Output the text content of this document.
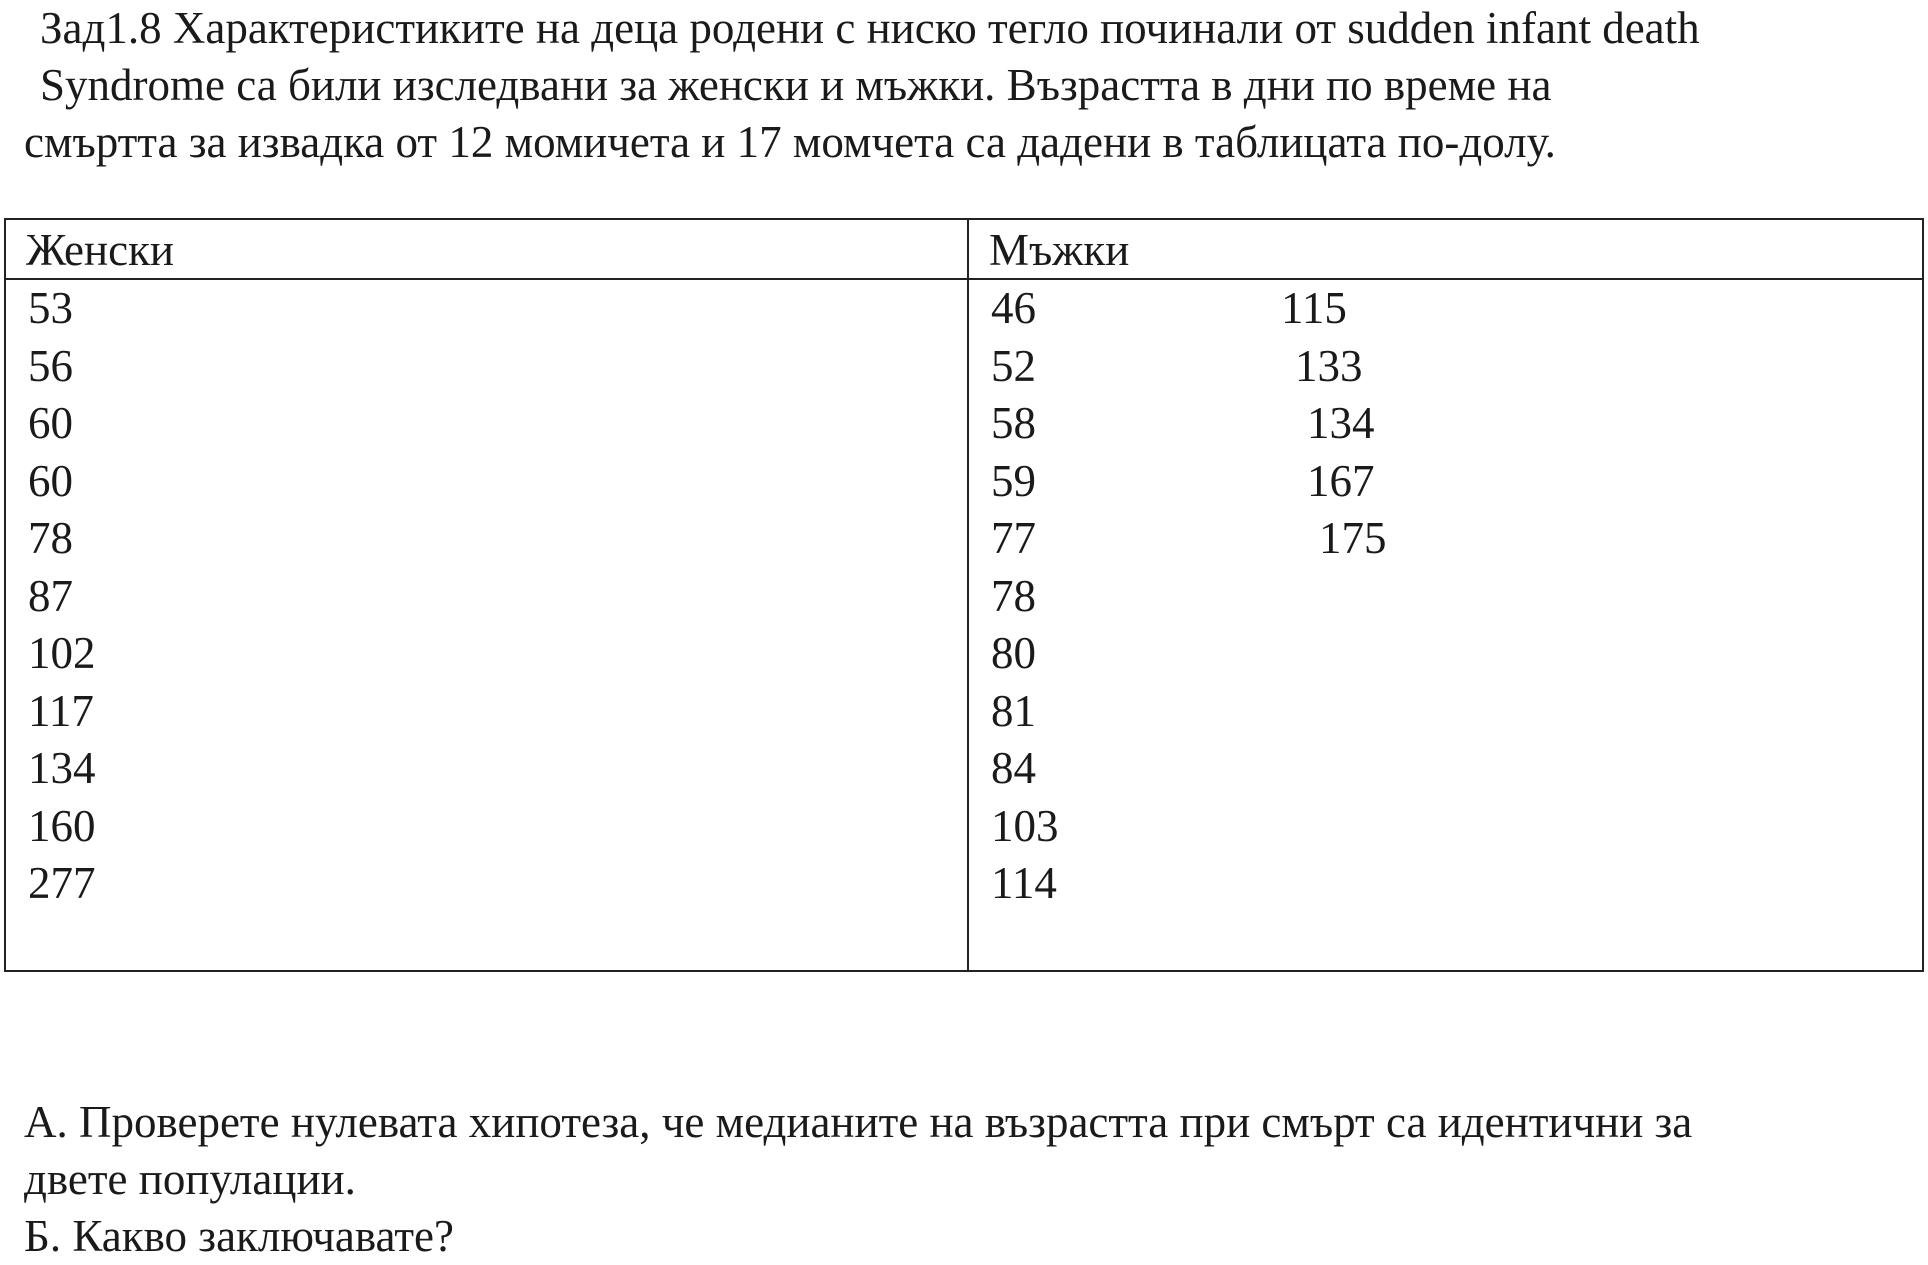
Зад1.8 Характеристиките на деца родени с ниско тегло починали от sudden infant death
Syndrome са били изследвани за женски и мъжки. Възрастта в дни по време на
смъртта за извадка от 12 момичета и 17 момчета са дадени в таблицата по-долу.
Женски	Мъжки
53
56
60
60
78
87
102
117
134
160
277
46
52
58
59
77
78
80
81
84
103
114
115
133
134
167
175
А. Проверете нулевата хипотеза, че медианите на възрастта при смърт са идентични за
двете популации.
Б. Какво заключавате?
